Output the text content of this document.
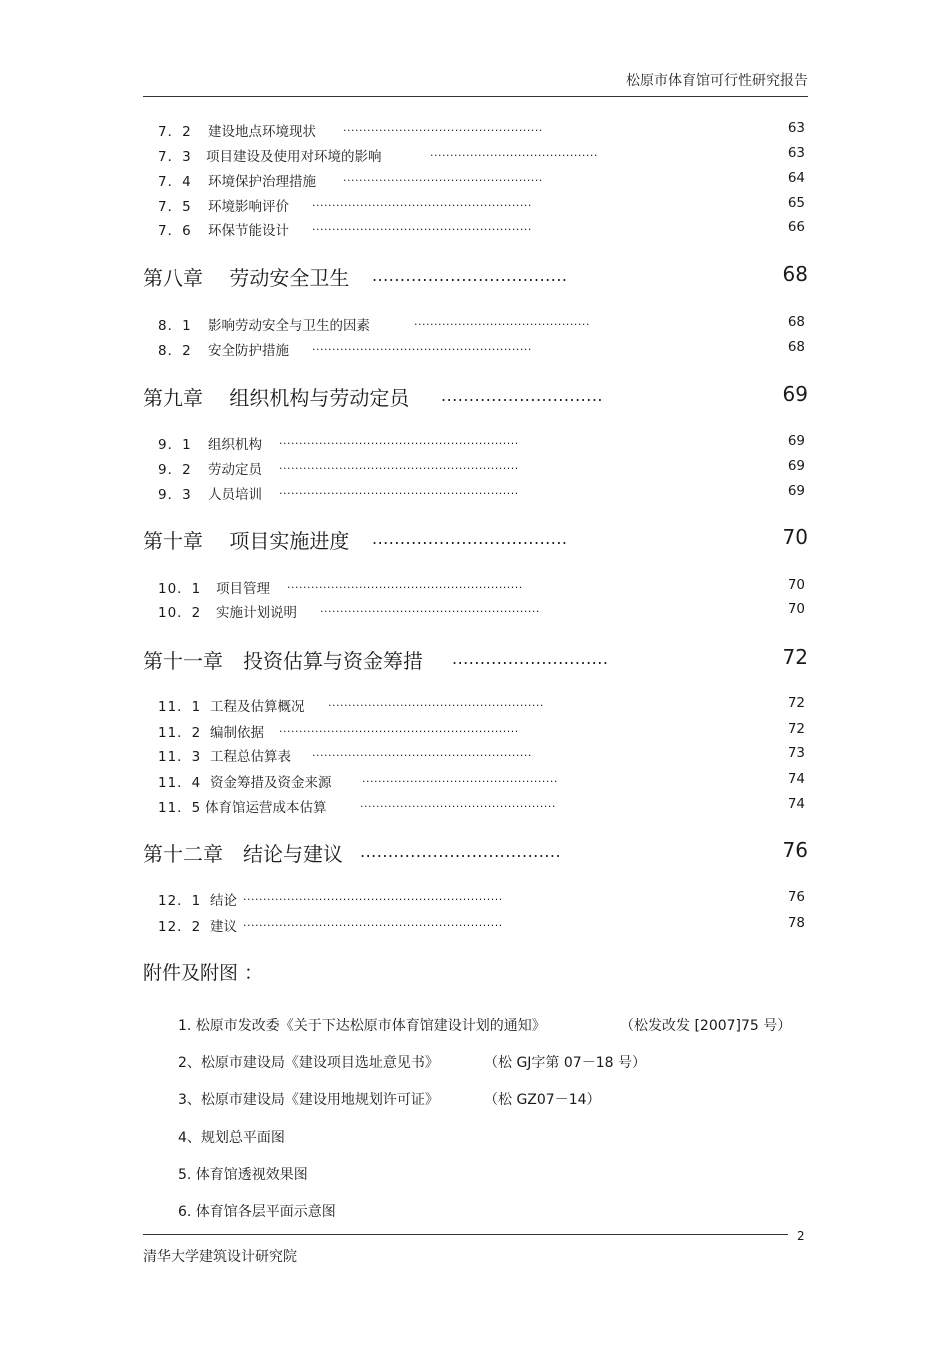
松原市体育馆可行性研究报告
7．2 建设地点环境现状 ..................................................	63
7．3 项目建设及使用对环境的影响	..........................................	63
7．4 环境保护治理措施 ..................................................	64
7．5 环境影响评价 .......................................................	65
7．6 环保节能设计 .......................................................	66
第八章　 劳动安全卫生 ...................................	68
8．1 影响劳动安全与卫生的因素	............................................	68
8．2 安全防护措施 .......................................................	68
第九章　 组织机构与劳动定员 .............................	69
9．1 组织机构 ............................................................	69
9．2 劳动定员 ............................................................	69
9．3 人员培训 ............................................................	69
第十章　 项目实施进度 ...................................	70
10．1 项目管理 ...........................................................	70
10．2 实施计划说明 .......................................................	70
第十一章　投资估算与资金筹措 ............................	72
11．1 工程及估算概况 ......................................................	72
11．2 编制依据 ............................................................	72
11．3 工程总估算表 .......................................................	73
11．4 资金筹措及资金来源	.................................................	74
11．5 体育馆运营成本估算	.................................................	74
第十二章　结论与建议 ....................................	76
12．1 结论 .................................................................	76
12．2 建议 .................................................................	78
附件及附图 ：
1. 松原市发改委《关于下达松原市体育馆建设计划的通知》	（松发改发 [2007]75 号）
2、松原市建设局《建设项目选址意见书》	（松 GJ字第 07－18 号）
3、松原市建设局《建设用地规划许可证》	（松 GZ07－14）
4、规划总平面图
5. 体育馆透视效果图
6. 体育馆各层平面示意图
2
清华大学建筑设计研究院
